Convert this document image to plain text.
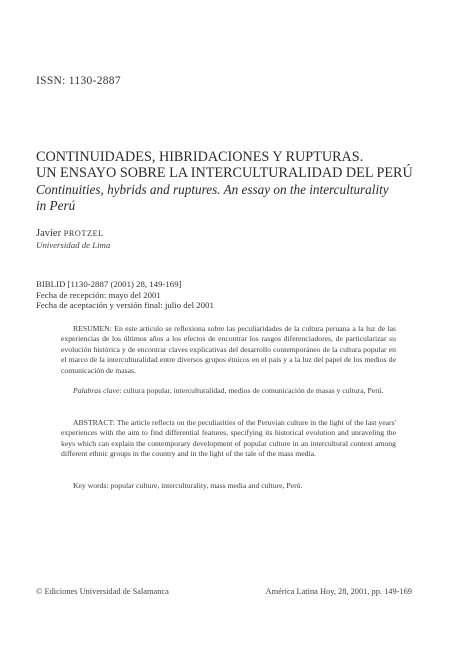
ISSN: 1130-2887
CONTINUIDADES, HIBRIDACIONES Y RUPTURAS.
UN ENSAYO SOBRE LA INTERCULTURALIDAD DEL PERÚ
Continuities, hybrids and ruptures. An essay on the interculturality
in Perú
Javier PROTZEL
Universidad de Lima
BIBLID [1130-2887 (2001) 28, 149-169]
Fecha de recepción: mayo del 2001
Fecha de aceptación y versión final: julio del 2001

RESUMEN: En este artículo se reflexiona sobre las peculiaridades de la cultura peruana a la luz de las experiencias de los últimos años a los efectos de encontrar los rasgos diferenciadores, de particularizar su evolución histórica y de encontrar claves explicativas del desarrollo contemporáneo de la cultura popular en el marco de la interculturalidad entre diversos grupos étnicos en el país y a la luz del papel de los medios de comunicación de masas.

Palabras clave: cultura popular, interculturalidad, medios de comunicación de masas y cultura, Perú.

ABSTRACT: The article reflects on the peculiarities of the Peruvian culture in the light of the last years' experiences with the aim to find differential features, specifying its historical evolution and unraveling the keys which can explain the contemporary development of popular culture in an intercultural context among different ethnic groups in the country and in the light of the tale of the mass media.

Key words: popular culture, interculturality, mass media and culture, Perú.

© Ediciones Universidad de Salamanca	América Latina Hoy, 28, 2001, pp. 149-169
